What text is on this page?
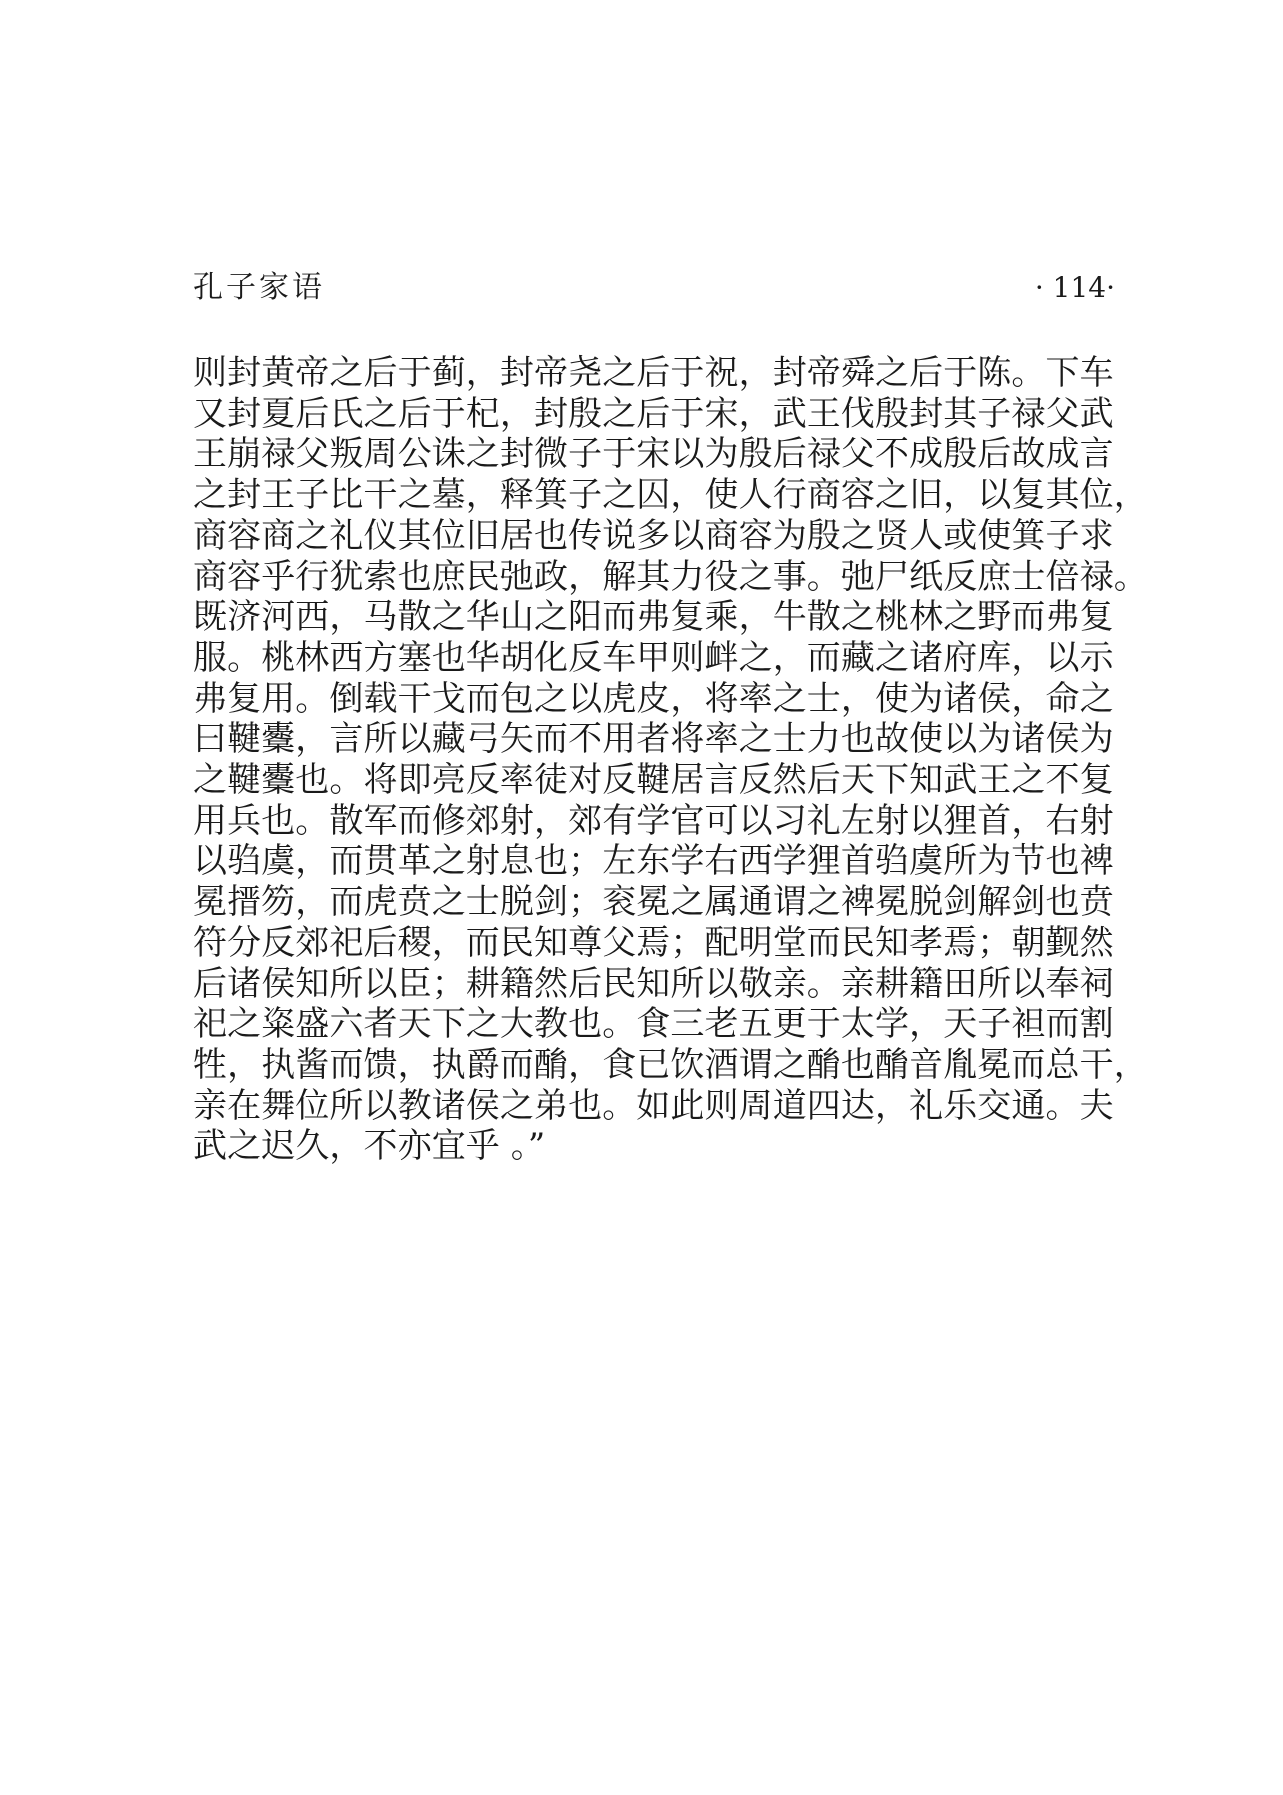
孔子家语	· 114·
则封黄帝之后于蓟，封帝尧之后于祝，封帝舜之后于陈。下车
又封夏后氏之后于杞，封殷之后于宋，武王伐殷封其子禄父武
王崩禄父叛周公诛之封微子于宋以为殷后禄父不成殷后故成言
之封王子比干之墓，释箕子之囚，使人行商容之旧，以复其位，
商容商之礼仪其位旧居也传说多以商容为殷之贤人或使箕子求
商容乎行犹索也庶民弛政，解其力役之事。弛尸纸反庶士倍禄。
既济河西，马散之华山之阳而弗复乘，牛散之桃林之野而弗复
服。桃林西方塞也华胡化反车甲则衅之，而藏之诸府库，以示
弗复用。倒载干戈而包之以虎皮，将率之士，使为诸侯，命之
曰鞬櫜，言所以藏弓矢而不用者将率之士力也故使以为诸侯为
之鞬櫜也。将即亮反率徒对反鞬居言反然后天下知武王之不复
用兵也。散军而修郊射，郊有学官可以习礼左射以狸首，右射
以驺虞，而贯革之射息也；左东学右西学狸首驺虞所为节也裨
冕搢笏，而虎贲之士脱剑；衮冕之属通谓之裨冕脱剑解剑也贲
符分反郊祀后稷，而民知尊父焉；配明堂而民知孝焉；朝觐然
后诸侯知所以臣；耕籍然后民知所以敬亲。亲耕籍田所以奉祠
祀之粢盛六者天下之大教也。食三老五更于太学，天子袒而割
牲，执酱而馈，执爵而酳，食已饮酒谓之酳也酳音胤冕而总干，
亲在舞位所以教诸侯之弟也。如此则周道四达，礼乐交通。夫
武之迟久，不亦宜乎 。”
